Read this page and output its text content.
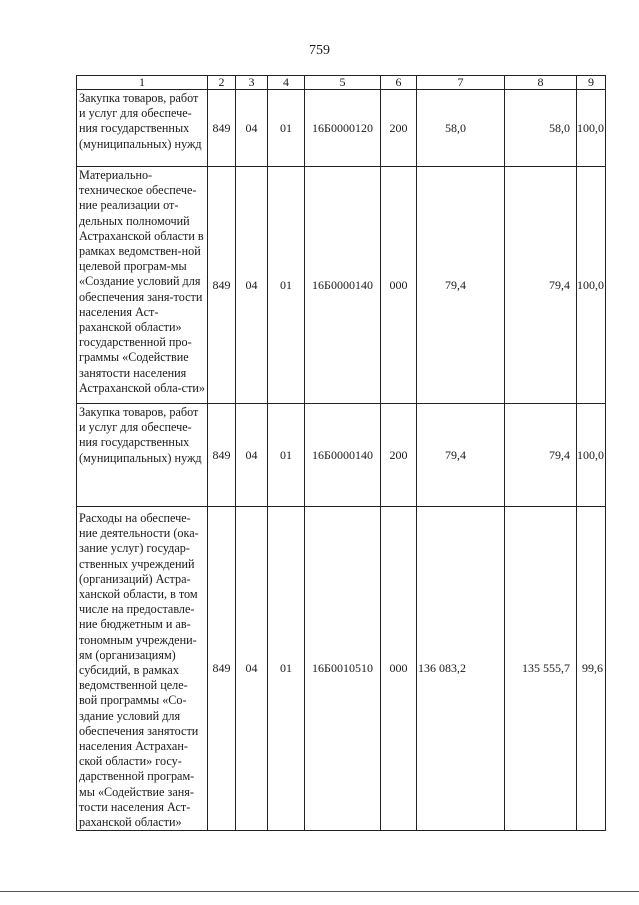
759
1	2	3	4	5	6	7	8	9
Закупка товаров, работ и услуг для обеспече-ния государственных (муниципальных) нужд	849	04	01	16Б0000120	200	58,0	58,0	100,0
Материально-техническое обеспече-ние реализации от-дельных полномочий Астраханской области в рамках ведомствен-ной целевой програм-мы «Создание условий для обеспечения заня-тости населения Аст-раханской области» государственной про-граммы «Содействие занятости населения Астраханской обла-сти»	849	04	01	16Б0000140	000	79,4	79,4	100,0
Закупка товаров, работ и услуг для обеспече-ния государственных (муниципальных) нужд	849	04	01	16Б0000140	200	79,4	79,4	100,0
Расходы на обеспече-ние деятельности (ока-зание услуг) государ-ственных учреждений (организаций) Астра-ханской области, в том числе на предоставле-ние бюджетным и ав-тономным учреждени-ям (организациям) субсидий, в рамках ведомственной целе-вой программы «Со-здание условий для обеспечения занятости населения Астрахан-ской области» госу-дарственной програм-мы «Содействие заня-тости населения Аст-раханской области»	849	04	01	16Б0010510	000	136 083,2	135 555,7	99,6
